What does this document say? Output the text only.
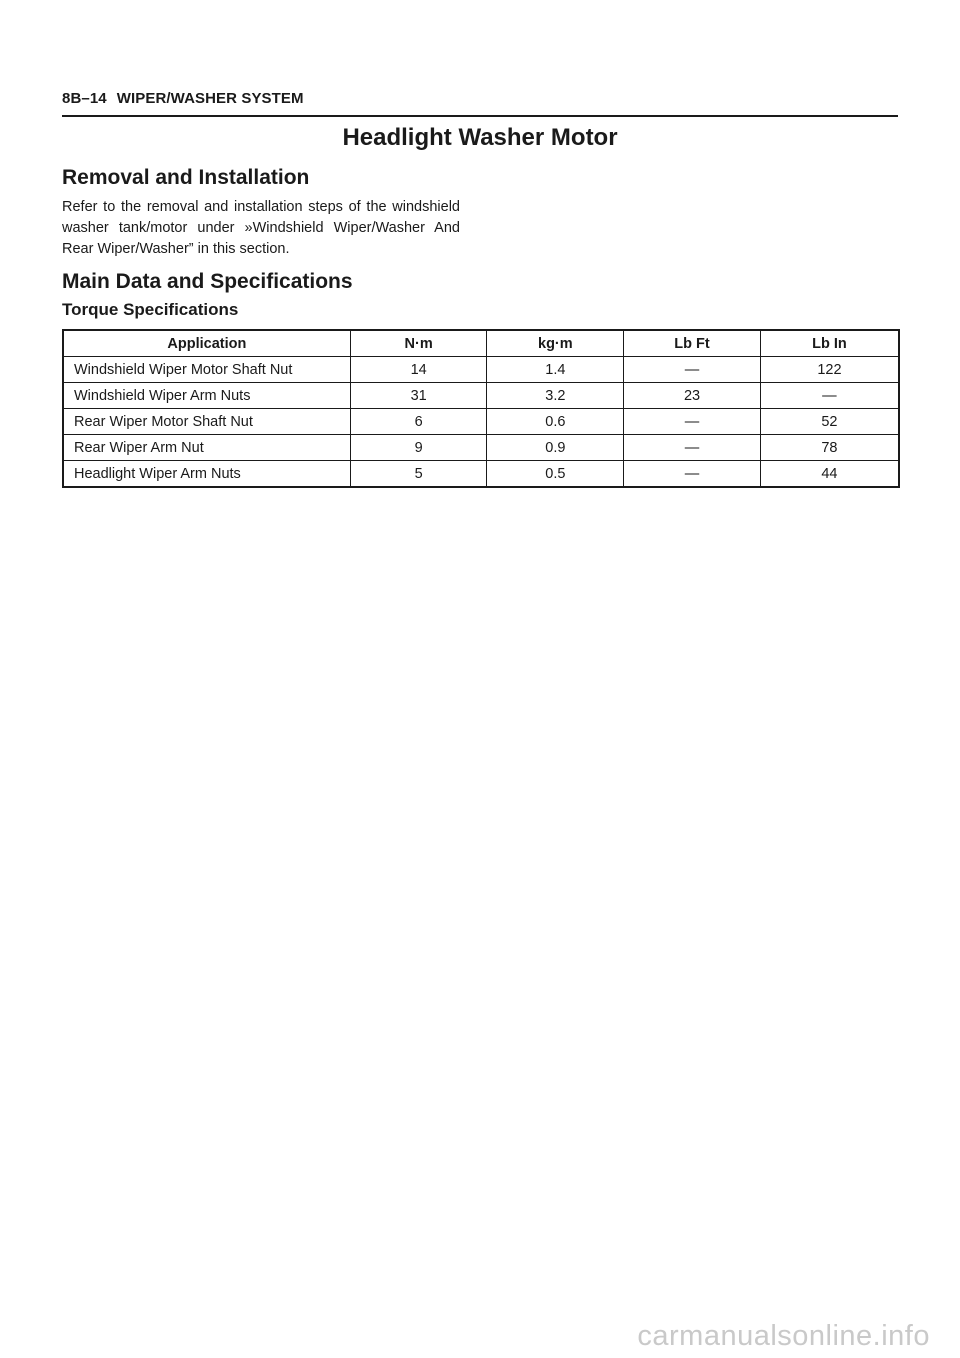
8B–14 WIPER/WASHER SYSTEM
Headlight Washer Motor
Removal and Installation
Refer to the removal and installation steps of the windshield washer tank/motor under »Windshield Wiper/Washer And Rear Wiper/Washer” in this section.
Main Data and Specifications
Torque Specifications
Application	N·m	kg·m	Lb Ft	Lb In
Windshield Wiper Motor Shaft Nut	14	1.4	—	122
Windshield Wiper Arm Nuts	31	3.2	23	—
Rear Wiper Motor Shaft Nut	6	0.6	—	52
Rear Wiper Arm Nut	9	0.9	—	78
Headlight Wiper Arm Nuts	5	0.5	—	44
carmanualsonline.info
